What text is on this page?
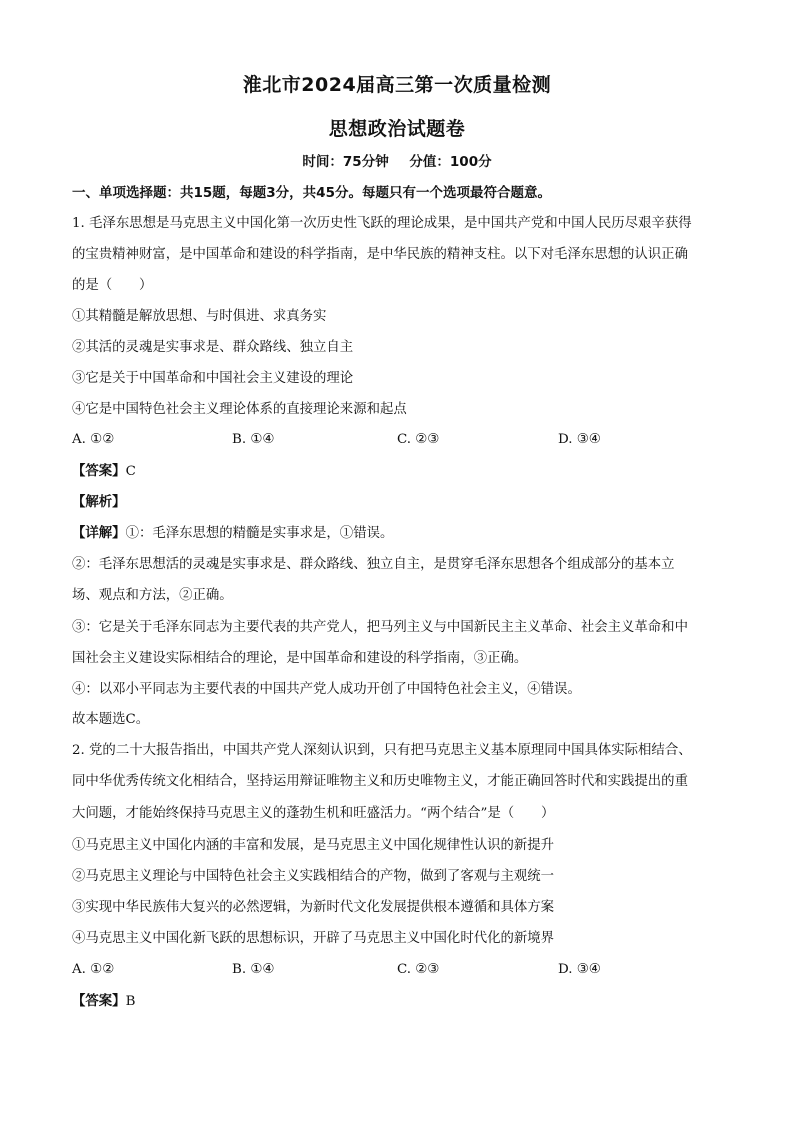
淮北市2024届高三第一次质量检测
思想政治试题卷
时间：75分钟 分值：100分
一、单项选择题：共15题，每题3分，共45分。每题只有一个选项最符合题意。
1. 毛泽东思想是马克思主义中国化第一次历史性飞跃的理论成果，是中国共产党和中国人民历尽艰辛获得
的宝贵精神财富，是中国革命和建设的科学指南，是中华民族的精神支柱。以下对毛泽东思想的认识正确
的是（　　）
①其精髓是解放思想、与时俱进、求真务实
②其活的灵魂是实事求是、群众路线、独立自主
③它是关于中国革命和中国社会主义建设的理论
④它是中国特色社会主义理论体系的直接理论来源和起点
A. ①②	B. ①④	C. ②③	D. ③④
【答案】C
【解析】
【详解】①：毛泽东思想的精髓是实事求是，①错误。
②：毛泽东思想活的灵魂是实事求是、群众路线、独立自主，是贯穿毛泽东思想各个组成部分的基本立
场、观点和方法，②正确。
③：它是关于毛泽东同志为主要代表的共产党人，把马列主义与中国新民主主义革命、社会主义革命和中
国社会主义建设实际相结合的理论，是中国革命和建设的科学指南，③正确。
④：以邓小平同志为主要代表的中国共产党人成功开创了中国特色社会主义，④错误。
故本题选C。
2. 党的二十大报告指出，中国共产党人深刻认识到，只有把马克思主义基本原理同中国具体实际相结合、
同中华优秀传统文化相结合，坚持运用辩证唯物主义和历史唯物主义，才能正确回答时代和实践提出的重
大问题，才能始终保持马克思主义的蓬勃生机和旺盛活力。“两个结合”是（　　）
①马克思主义中国化内涵的丰富和发展，是马克思主义中国化规律性认识的新提升
②马克思主义理论与中国特色社会主义实践相结合的产物，做到了客观与主观统一
③实现中华民族伟大复兴的必然逻辑，为新时代文化发展提供根本遵循和具体方案
④马克思主义中国化新飞跃的思想标识，开辟了马克思主义中国化时代化的新境界
A. ①②	B. ①④	C. ②③	D. ③④
【答案】B
